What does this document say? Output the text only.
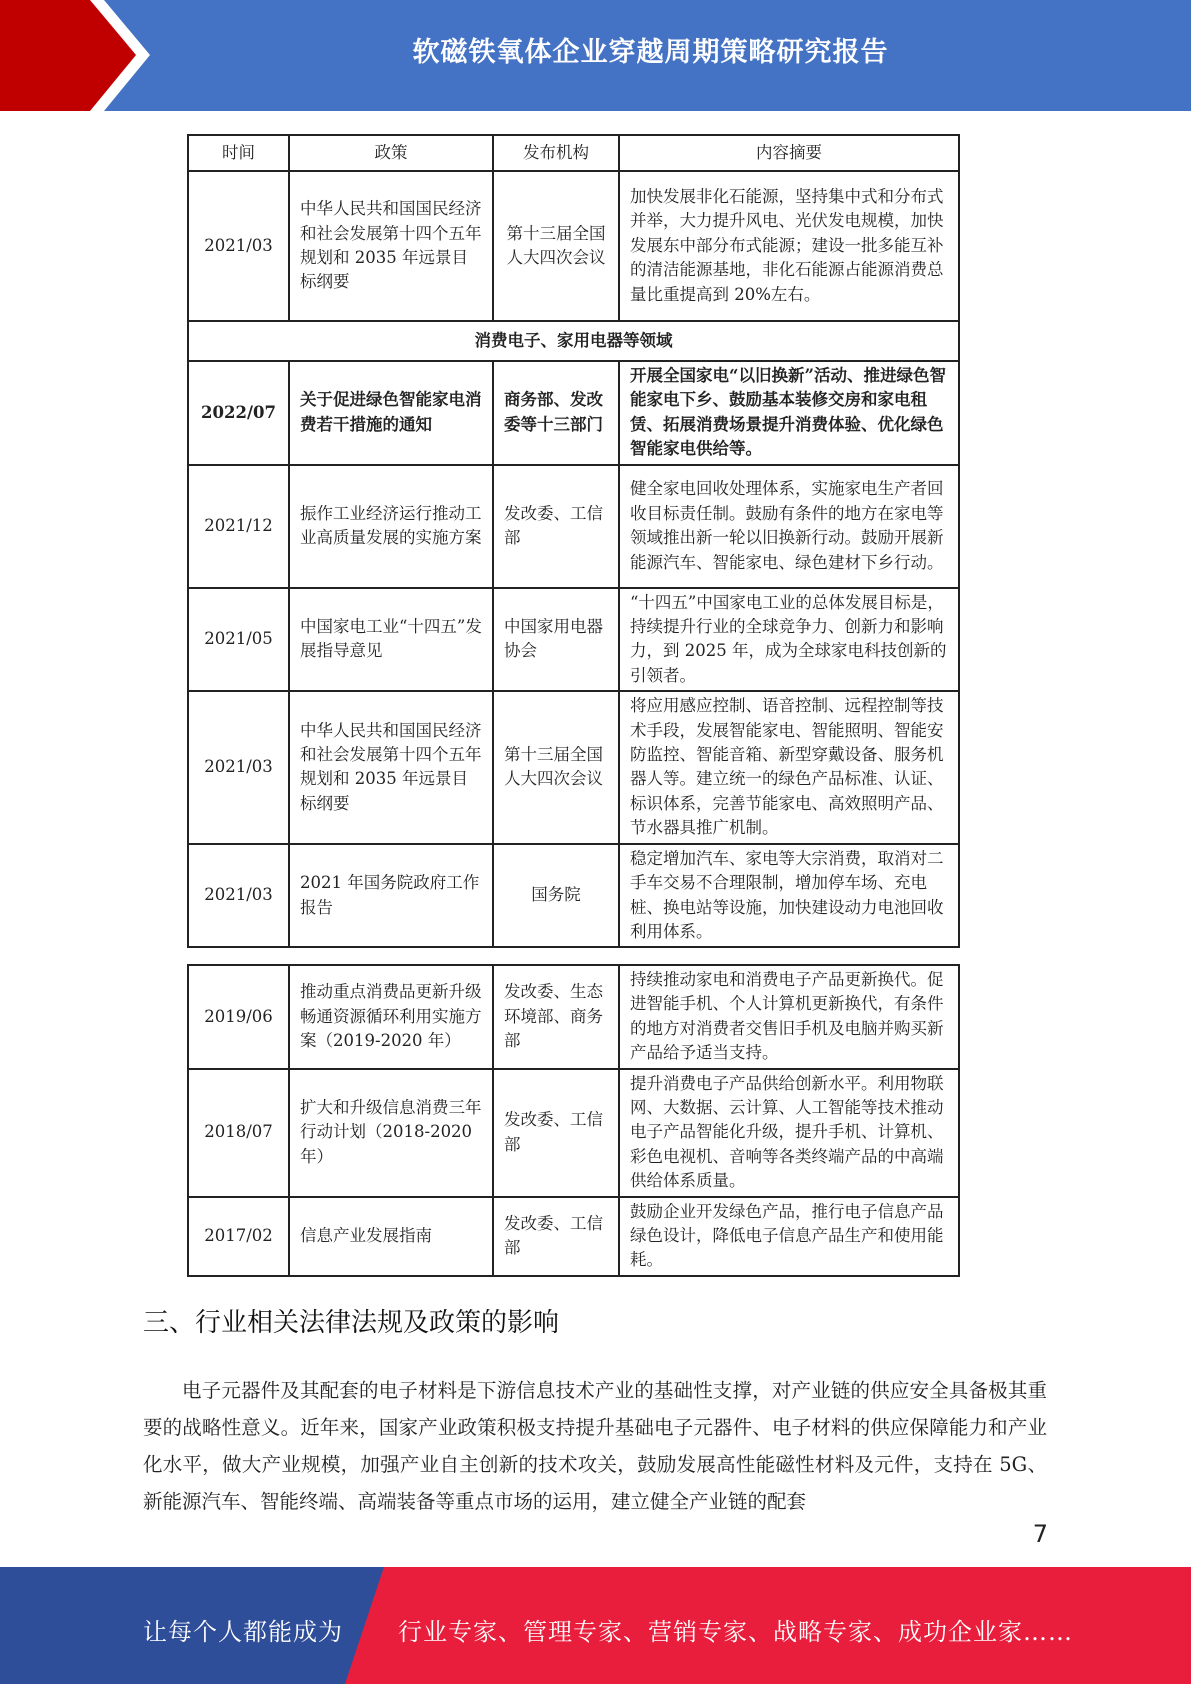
软磁铁氧体企业穿越周期策略研究报告
时间	政策	发布机构	内容摘要
2021/03	中华人民共和国国民经济和社会发展第十四个五年规划和 2035 年远景目标纲要	第十三届全国人大四次会议	加快发展非化石能源，坚持集中式和分布式并举，大力提升风电、光伏发电规模，加快发展东中部分布式能源；建设一批多能互补的清洁能源基地，非化石能源占能源消费总量比重提高到 20%左右。
消费电子、家用电器等领域			
2022/07	关于促进绿色智能家电消费若干措施的通知	商务部、发改委等十三部门	开展全国家电“以旧换新”活动、推进绿色智能家电下乡、鼓励基本装修交房和家电租赁、拓展消费场景提升消费体验、优化绿色智能家电供给等。
2021/12	振作工业经济运行推动工业高质量发展的实施方案	发改委、工信部	健全家电回收处理体系，实施家电生产者回收目标责任制。鼓励有条件的地方在家电等领域推出新一轮以旧换新行动。鼓励开展新能源汽车、智能家电、绿色建材下乡行动。
2021/05	中国家电工业“十四五”发展指导意见	中国家用电器协会	“十四五”中国家电工业的总体发展目标是，持续提升行业的全球竞争力、创新力和影响力，到 2025 年，成为全球家电科技创新的引领者。
2021/03	中华人民共和国国民经济和社会发展第十四个五年规划和 2035 年远景目标纲要	第十三届全国人大四次会议	将应用感应控制、语音控制、远程控制等技术手段，发展智能家电、智能照明、智能安防监控、智能音箱、新型穿戴设备、服务机器人等。建立统一的绿色产品标准、认证、标识体系，完善节能家电、高效照明产品、节水器具推广机制。
2021/03	2021 年国务院政府工作报告	国务院	稳定增加汽车、家电等大宗消费，取消对二手车交易不合理限制，增加停车场、充电桩、换电站等设施，加快建设动力电池回收利用体系。
2019/06	推动重点消费品更新升级畅通资源循环利用实施方案（2019-2020 年）	发改委、生态环境部、商务部	持续推动家电和消费电子产品更新换代。促进智能手机、个人计算机更新换代，有条件的地方对消费者交售旧手机及电脑并购买新产品给予适当支持。
2018/07	扩大和升级信息消费三年行动计划（2018-2020 年）	发改委、工信部	提升消费电子产品供给创新水平。利用物联网、大数据、云计算、人工智能等技术推动电子产品智能化升级，提升手机、计算机、彩色电视机、音响等各类终端产品的中高端供给体系质量。
2017/02	信息产业发展指南	发改委、工信部	鼓励企业开发绿色产品，推行电子信息产品绿色设计，降低电子信息产品生产和使用能耗。
三、行业相关法律法规及政策的影响

电子元器件及其配套的电子材料是下游信息技术产业的基础性支撑，对产业链的供应安全具备极其重要的战略性意义。近年来，国家产业政策积极支持提升基础电子元器件、电子材料的供应保障能力和产业化水平，做大产业规模，加强产业自主创新的技术攻关，鼓励发展高性能磁性材料及元件，支持在 5G、新能源汽车、智能终端、高端装备等重点市场的运用，建立健全产业链的配套

7
让每个人都能成为 行业专家、管理专家、营销专家、战略专家、成功企业家……
